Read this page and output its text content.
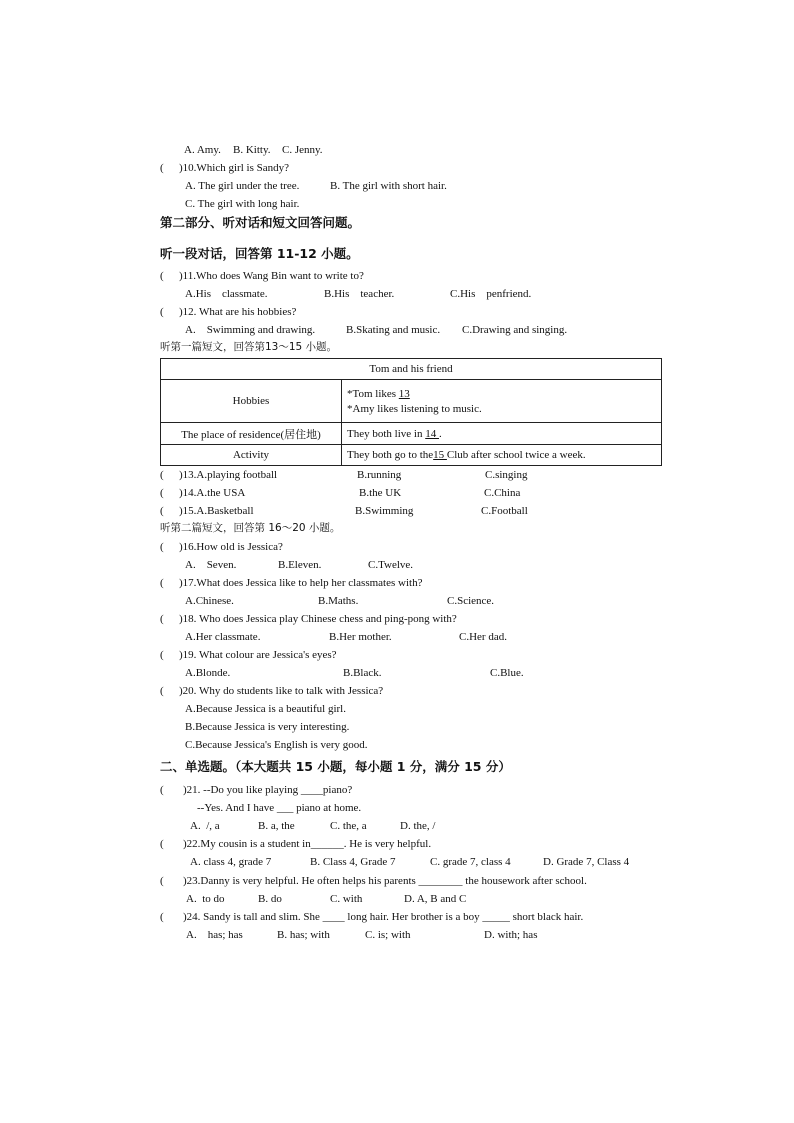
A. Amy. B. Kitty. C. Jenny.
( )10.Which girl is Sandy?
A. The girl under the tree.	B. The girl with short hair.
C. The girl with long hair.
第二部分、听对话和短文回答问题。
听一段对话，回答第 11-12 小题。
( )11.Who does Wang Bin want to write to?
A.His    classmate.	B.His    teacher.	C.His    penfriend.
( )12. What are his hobbies?
A.    Swimming and drawing.	B.Skating and music. C.Drawing and singing.
听第一篇短文，回答第13～15 小题。
Tom and his friend	
Hobbies	*Tom likes 13
*Amy likes listening to music.

The place of residence(居住地)	They both live in 14 .
Activity	They both go to the15 Club after school twice a week.
( )13.A.playing football	B.running	C.singing
( )14.A.the USA	B.the UK	C.China
( )15.A.Basketball	B.Swimming	C.Football
听第二篇短文，回答第 16～20 小题。
( )16.How old is Jessica?
A.    Seven.	B.Eleven.	C.Twelve.
( )17.What does Jessica like to help her classmates with?
A.Chinese.	B.Maths.	C.Science.
( )18. Who does Jessica play Chinese chess and ping-pong with?
A.Her classmate.	B.Her mother.	C.Her dad.
( )19. What colour are Jessica's eyes?
A.Blonde.	B.Black.	C.Blue.
( )20. Why do students like to talk with Jessica?
A.Because Jessica is a beautiful girl.
B.Because Jessica is very interesting.
C.Because Jessica's English is very good.
二、单选题。（本大题共 15 小题，每小题 1 分，满分 15 分）
( )21. --Do you like playing ____piano?
--Yes. And I have ___ piano at home.
A.  /, a	B. a, the	C. the, a	D. the, /
( )22.My cousin is a student in______. He is very helpful.
A. class 4, grade 7	B. Class 4, Grade 7	C. grade 7, class 4	D. Grade 7, Class 4
( )23.Danny is very helpful. He often helps his parents ________ the housework after school.
A.  to do	B. do	C. with	D. A, B and C
( )24. Sandy is tall and slim. She ____ long hair. Her brother is a boy _____ short black hair.
A.    has; has	B. has; with	C. is; with	D. with; has
